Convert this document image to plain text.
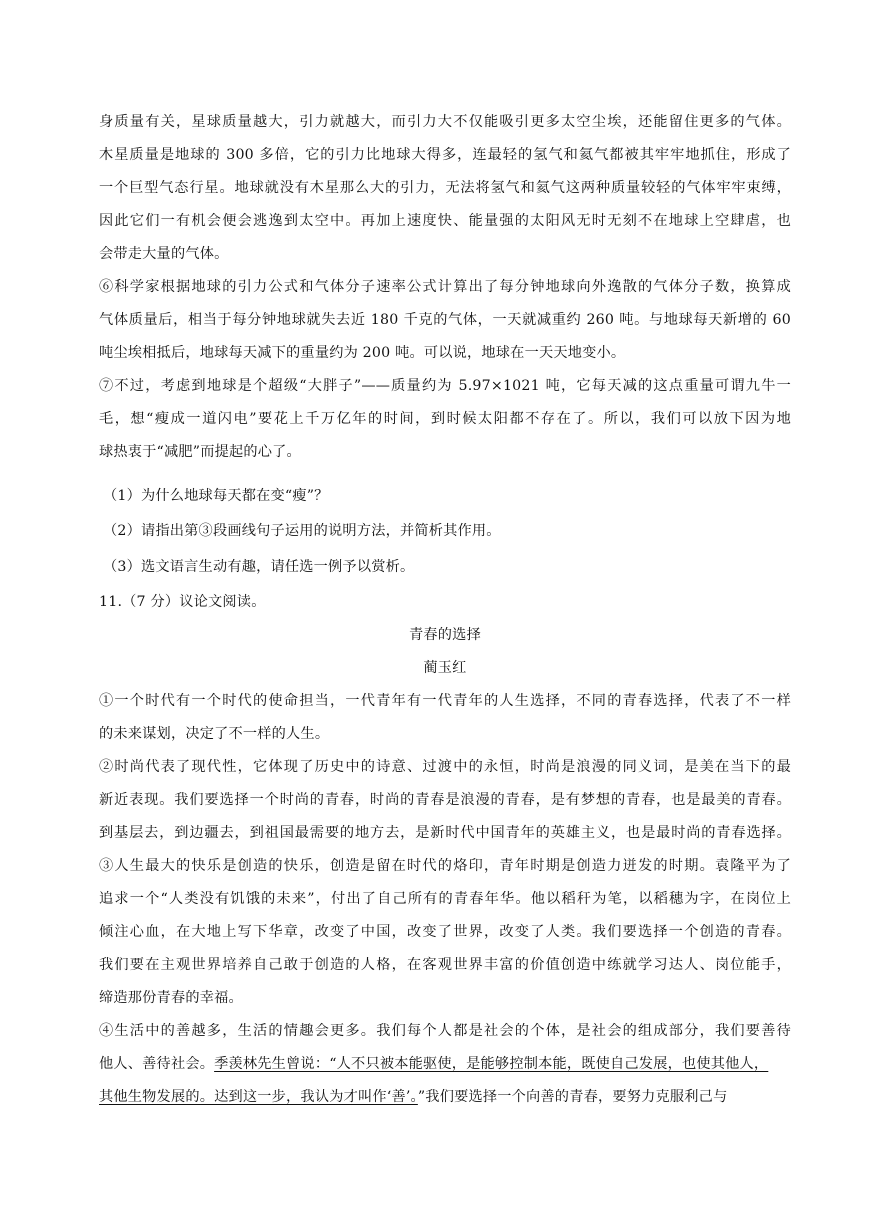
身质量有关，星球质量越大，引力就越大，而引力大不仅能吸引更多太空尘埃，还能留住更多的气体。
木星质量是地球的 300 多倍，它的引力比地球大得多，连最轻的氢气和氦气都被其牢牢地抓住，形成了
一个巨型气态行星。地球就没有木星那么大的引力，无法将氢气和氦气这两种质量较轻的气体牢牢束缚，
因此它们一有机会便会逃逸到太空中。再加上速度快、能量强的太阳风无时无刻不在地球上空肆虐，也
会带走大量的气体。
⑥科学家根据地球的引力公式和气体分子速率公式计算出了每分钟地球向外逸散的气体分子数，换算成
气体质量后，相当于每分钟地球就失去近 180 千克的气体，一天就减重约 260 吨。与地球每天新增的 60
吨尘埃相抵后，地球每天减下的重量约为 200 吨。可以说，地球在一天天地变小。
⑦不过，考虑到地球是个超级“大胖子”——质量约为 5.97×1021 吨，它每天减的这点重量可谓九牛一
毛，想“瘦成一道闪电”要花上千万亿年的时间，到时候太阳都不存在了。所以，我们可以放下因为地
球热衷于“减肥”而提起的心了。
（1）为什么地球每天都在变“瘦”？
（2）请指出第③段画线句子运用的说明方法，并简析其作用。
（3）选文语言生动有趣，请任选一例予以赏析。
11.（7 分）议论文阅读。
青春的选择
蔺玉红
①一个时代有一个时代的使命担当，一代青年有一代青年的人生选择，不同的青春选择，代表了不一样
的未来谋划，决定了不一样的人生。
②时尚代表了现代性，它体现了历史中的诗意、过渡中的永恒，时尚是浪漫的同义词，是美在当下的最
新近表现。我们要选择一个时尚的青春，时尚的青春是浪漫的青春，是有梦想的青春，也是最美的青春。
到基层去，到边疆去，到祖国最需要的地方去，是新时代中国青年的英雄主义，也是最时尚的青春选择。
③人生最大的快乐是创造的快乐，创造是留在时代的烙印，青年时期是创造力迸发的时期。袁隆平为了
追求一个“人类没有饥饿的未来”，付出了自己所有的青春年华。他以稻秆为笔，以稻穗为字，在岗位上
倾注心血，在大地上写下华章，改变了中国，改变了世界，改变了人类。我们要选择一个创造的青春。
我们要在主观世界培养自己敢于创造的人格，在客观世界丰富的价值创造中练就学习达人、岗位能手，
缔造那份青春的幸福。
④生活中的善越多，生活的情趣会更多。我们每个人都是社会的个体，是社会的组成部分，我们要善待
他人、善待社会。季羡林先生曾说：“人不只被本能驱使，是能够控制本能，既使自己发展，也使其他人，
其他生物发展的。达到这一步，我认为才叫作‘善’。”我们要选择一个向善的青春，要努力克服利己与
